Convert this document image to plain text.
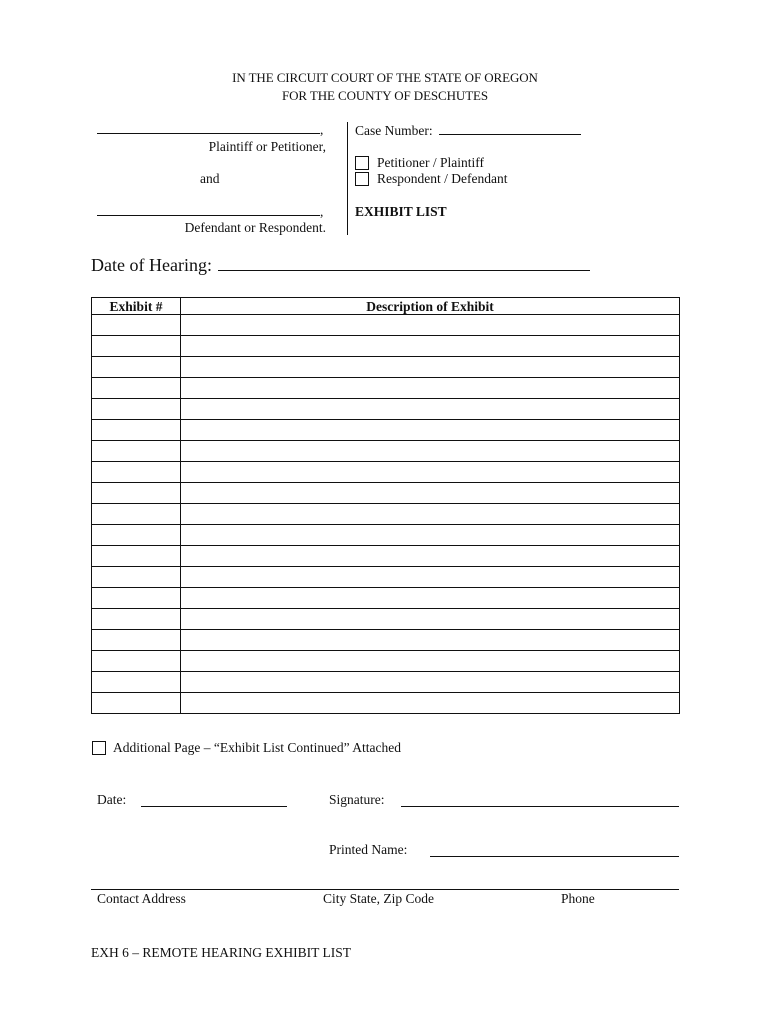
IN THE CIRCUIT COURT OF THE STATE OF OREGON
FOR THE COUNTY OF DESCHUTES
,
Plaintiff or Petitioner,
and
,
Defendant or Respondent.
Case Number:
Petitioner / Plaintiff
Respondent / Defendant
EXHIBIT LIST
Date of Hearing:
Exhibit #	Description of Exhibit

Additional Page – “Exhibit List Continued” Attached
Date:	Signature:
Printed Name:
Contact Address	City State, Zip Code	Phone
EXH 6 – REMOTE HEARING EXHIBIT LIST
